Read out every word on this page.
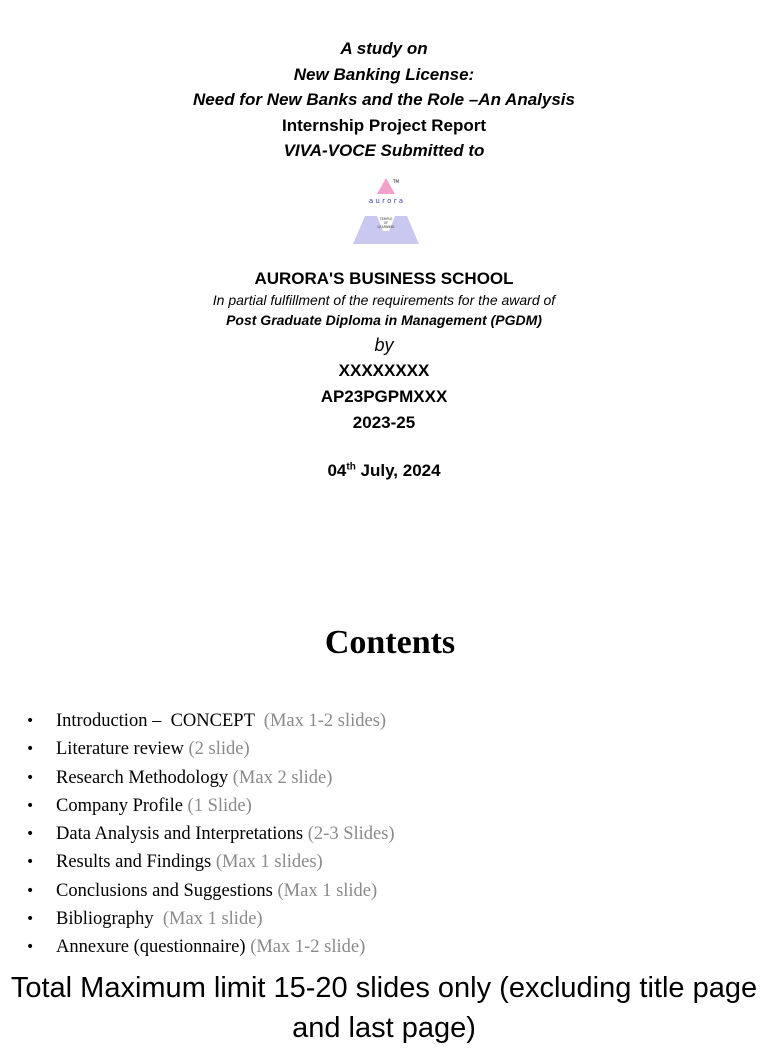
A study on
New Banking License:
Need for New Banks and the Role –An Analysis
Internship Project Report
VIVA-VOCE Submitted to
TM
a u r o r a
TEMPLE
OF
LEARNING
AURORA'S BUSINESS SCHOOL
In partial fulfillment of the requirements for the award of
Post Graduate Diploma in Management (PGDM)
by
XXXXXXXX
AP23PGPMXXX
2023-25
04th July, 2024
Contents
• Introduction –  CONCEPT  (Max 1-2 slides)
• Literature review (2 slide)
• Research Methodology (Max 2 slide)
• Company Profile (1 Slide)
• Data Analysis and Interpretations (2-3 Slides)
• Results and Findings (Max 1 slides)
• Conclusions and Suggestions (Max 1 slide)
• Bibliography  (Max 1 slide)
• Annexure (questionnaire) (Max 1-2 slide)
Total Maximum limit 15-20 slides only (excluding title page and last page)
